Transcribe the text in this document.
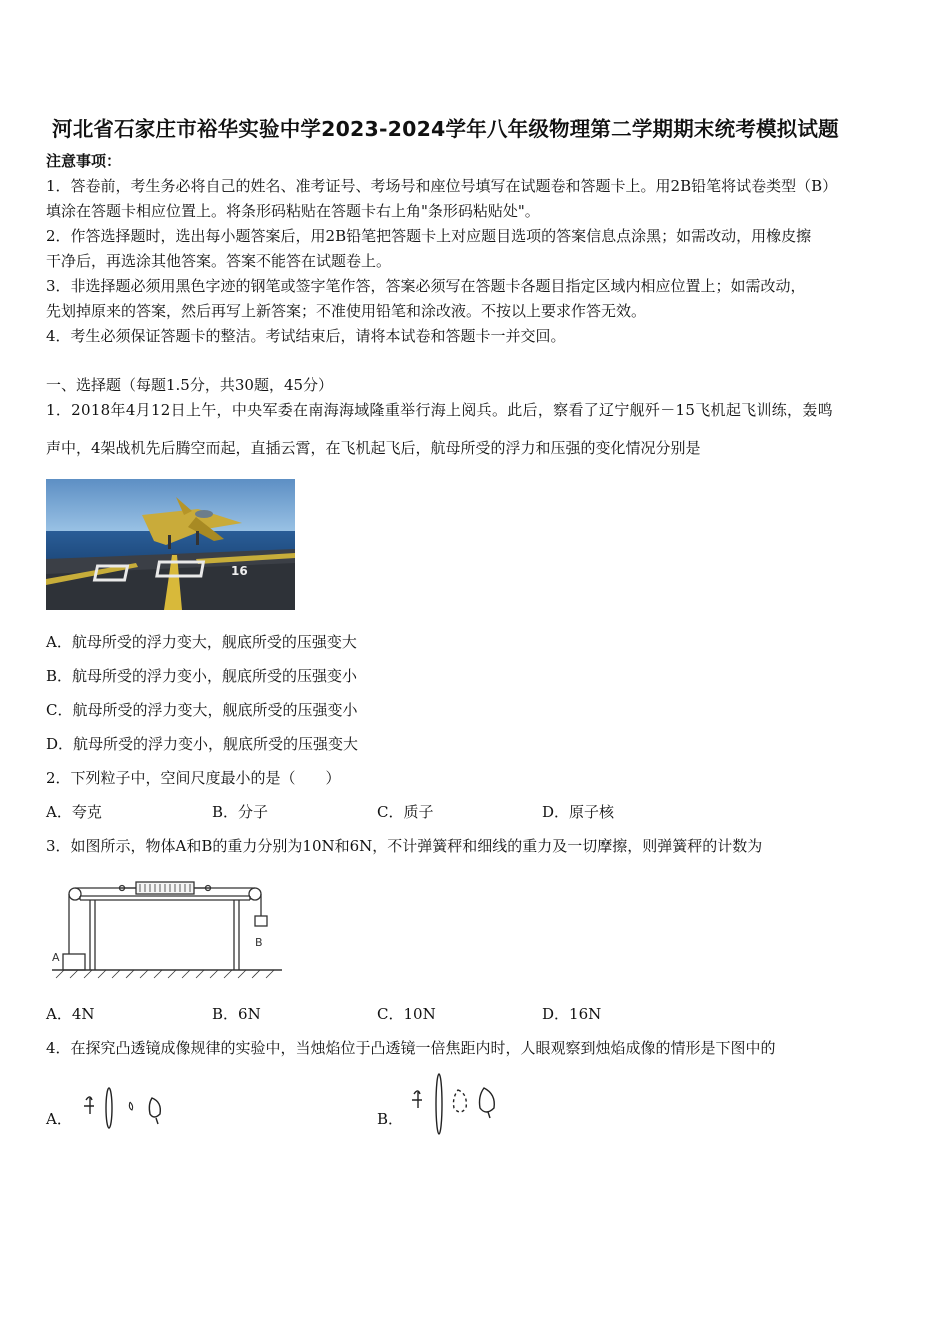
河北省石家庄市裕华实验中学2023-2024学年八年级物理第二学期期末统考模拟试题
注意事项：
1．答卷前，考生务必将自己的姓名、准考证号、考场号和座位号填写在试题卷和答题卡上。用2B铅笔将试卷类型（B）
填涂在答题卡相应位置上。将条形码粘贴在答题卡右上角"条形码粘贴处"。
2．作答选择题时，选出每小题答案后，用2B铅笔把答题卡上对应题目选项的答案信息点涂黑；如需改动，用橡皮擦
干净后，再选涂其他答案。答案不能答在试题卷上。
3．非选择题必须用黑色字迹的钢笔或签字笔作答，答案必须写在答题卡各题目指定区域内相应位置上；如需改动，
先划掉原来的答案，然后再写上新答案；不准使用铅笔和涂改液。不按以上要求作答无效。
4．考生必须保证答题卡的整洁。考试结束后，请将本试卷和答题卡一并交回。
一、选择题（每题1.5分，共30题，45分）
1．2018年4月12日上午，中央军委在南海海域隆重举行海上阅兵。此后，察看了辽宁舰歼－15飞机起飞训练，轰鸣
声中，4架战机先后腾空而起，直插云霄，在飞机起飞后，航母所受的浮力和压强的变化情况分别是
16
A．航母所受的浮力变大，舰底所受的压强变大
B．航母所受的浮力变小，舰底所受的压强变小
C．航母所受的浮力变大，舰底所受的压强变小
D．航母所受的浮力变小，舰底所受的压强变大
2．下列粒子中，空间尺度最小的是（　　）
A．夸克	B．分子	C．质子	D．原子核
3．如图所示，物体A和B的重力分别为10N和6N，不计弹簧秤和细线的重力及一切摩擦，则弹簧秤的计数为
A
B
A．4N	B．6N	C．10N	D．16N
4．在探究凸透镜成像规律的实验中，当烛焰位于凸透镜一倍焦距内时，人眼观察到烛焰成像的情形是下图中的
A．	B．
